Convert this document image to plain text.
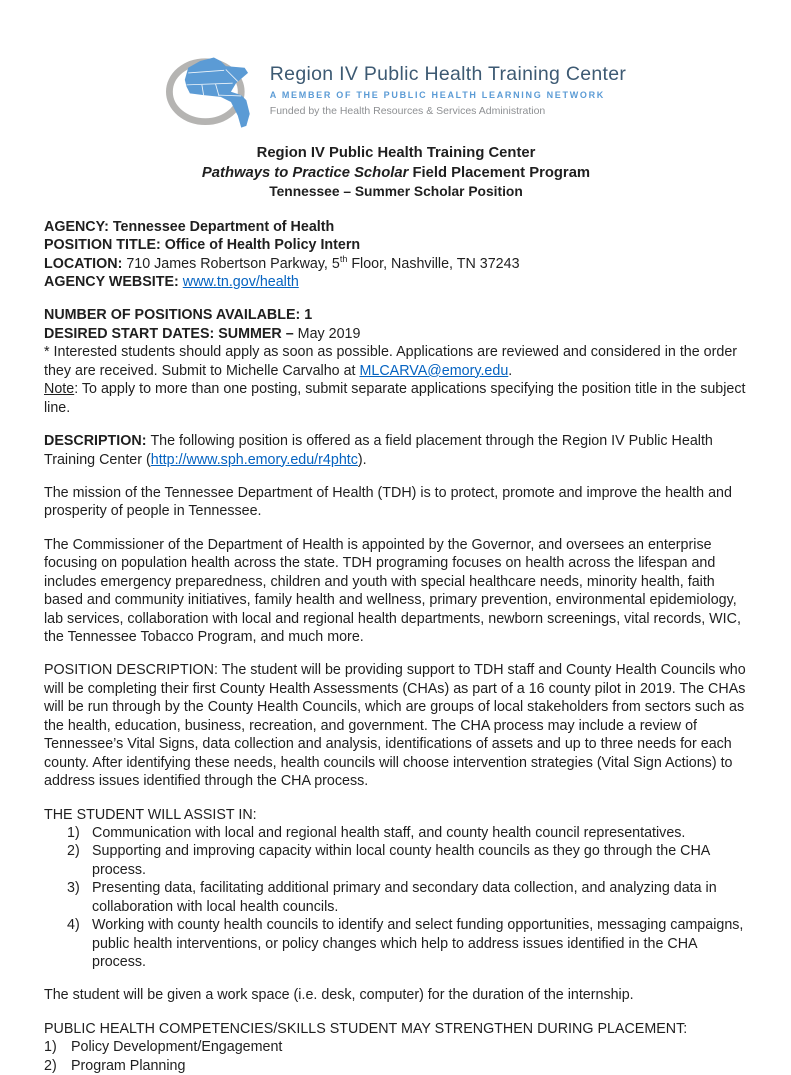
Region IV Public Health Training Center
A MEMBER OF THE PUBLIC HEALTH LEARNING NETWORK
Funded by the Health Resources & Services Administration
Region IV Public Health Training Center
Pathways to Practice Scholar Field Placement Program
Tennessee – Summer Scholar Position

AGENCY: Tennessee Department of Health

POSITION TITLE: Office of Health Policy Intern

LOCATION: 710 James Robertson Parkway, 5th Floor, Nashville, TN 37243

AGENCY WEBSITE: www.tn.gov/health

NUMBER OF POSITIONS AVAILABLE: 1

DESIRED START DATES: SUMMER – May 2019

* Interested students should apply as soon as possible. Applications are reviewed and considered in the order they are received. Submit to Michelle Carvalho at MLCARVA@emory.edu.

Note: To apply to more than one posting, submit separate applications specifying the position title in the subject line.

DESCRIPTION: The following position is offered as a field placement through the Region IV Public Health Training Center (http://www.sph.emory.edu/r4phtc).

The mission of the Tennessee Department of Health (TDH) is to protect, promote and improve the health and prosperity of people in Tennessee.

The Commissioner of the Department of Health is appointed by the Governor, and oversees an enterprise focusing on population health across the state. TDH programing focuses on health across the lifespan and includes emergency preparedness, children and youth with special healthcare needs, minority health, faith based and community initiatives, family health and wellness, primary prevention, environmental epidemiology, lab services, collaboration with local and regional health departments, newborn screenings, vital records, WIC, the Tennessee Tobacco Program, and much more.

POSITION DESCRIPTION: The student will be providing support to TDH staff and County Health Councils who will be completing their first County Health Assessments (CHAs) as part of a 16 county pilot in 2019. The CHAs will be run through by the County Health Councils, which are groups of local stakeholders from sectors such as the health, education, business, recreation, and government. The CHA process may include a review of Tennessee’s Vital Signs, data collection and analysis, identifications of assets and up to three needs for each county. After identifying these needs, health councils will choose intervention strategies (Vital Sign Actions) to address issues identified through the CHA process.

THE STUDENT WILL ASSIST IN:

Communication with local and regional health staff, and county health council representatives.
Supporting and improving capacity within local county health councils as they go through the CHA process.
Presenting data, facilitating additional primary and secondary data collection, and analyzing data in collaboration with local health councils.
Working with county health councils to identify and select funding opportunities, messaging campaigns, public health interventions, or policy changes which help to address issues identified in the CHA process.

The student will be given a work space (i.e. desk, computer) for the duration of the internship.

PUBLIC HEALTH COMPETENCIES/SKILLS STUDENT MAY STRENGTHEN DURING PLACEMENT:

Policy Development/Engagement
Program Planning
